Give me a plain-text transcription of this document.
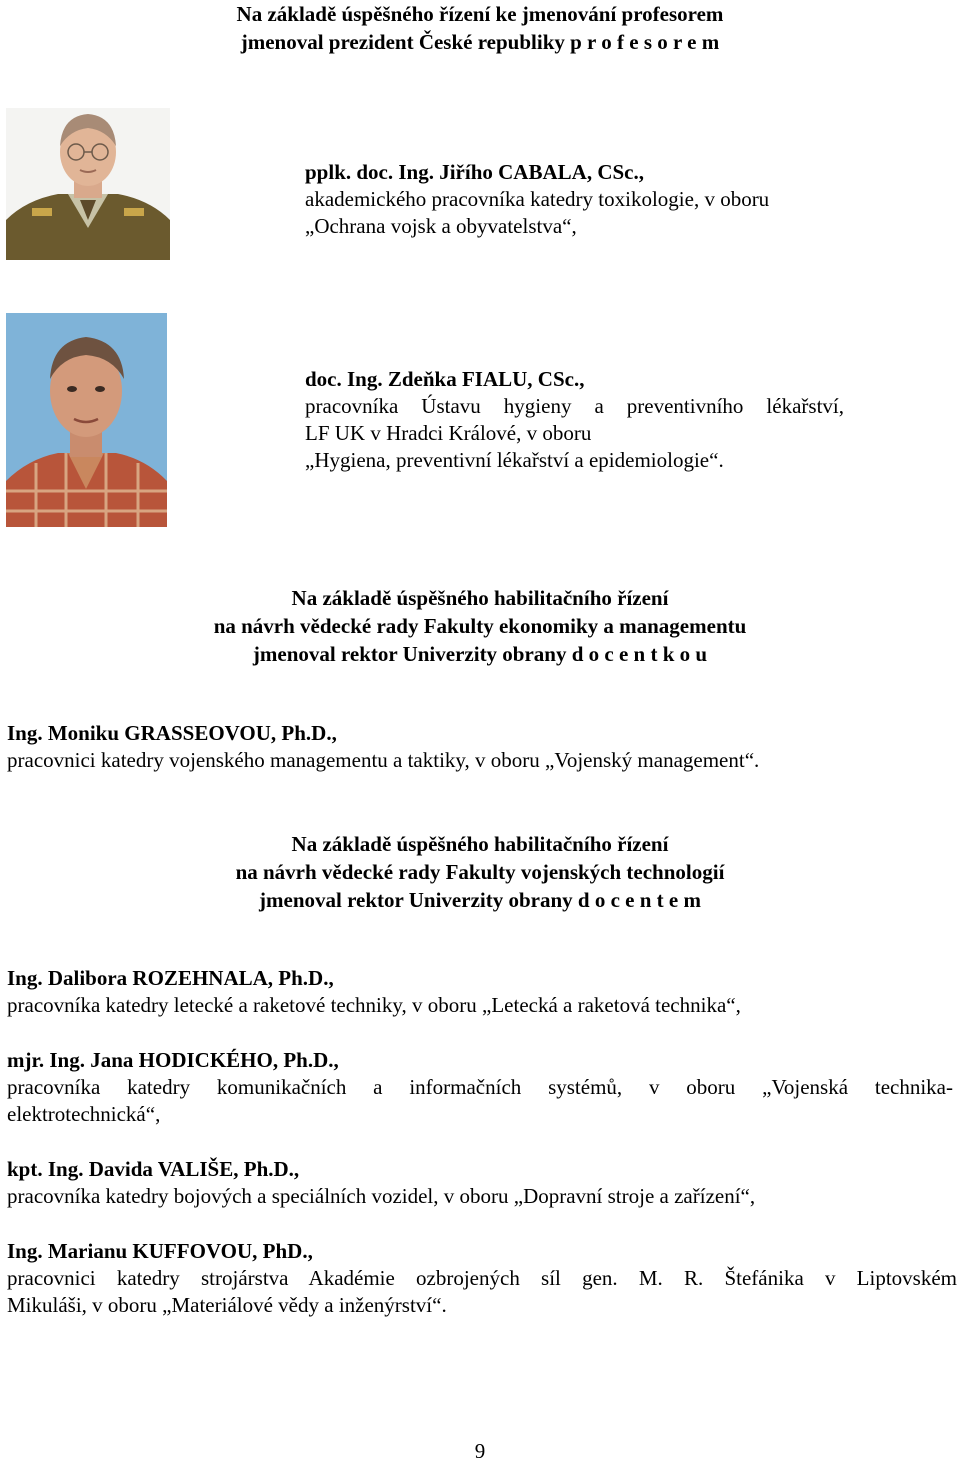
Na základě úspěšného řízení ke jmenování profesorem
jmenoval prezident České republiky p r o f e s o r e m
pplk. doc. Ing. Jiřího CABALA, CSc.,
akademického pracovníka katedry toxikologie, v oboru
„Ochrana vojsk a obyvatelstva“,
doc. Ing. Zdeňka FIALU, CSc.,
pracovníka Ústavu hygieny a preventivního lékařství,
LF UK v Hradci Králové, v oboru
„Hygiena, preventivní lékařství a epidemiologie“.
Na základě úspěšného habilitačního řízení
na návrh vědecké rady Fakulty ekonomiky a managementu
jmenoval rektor Univerzity obrany d o c e n t k o u
Ing. Moniku GRASSEOVOU, Ph.D.,
pracovnici katedry vojenského managementu a taktiky, v oboru „Vojenský management“.
Na základě úspěšného habilitačního řízení
na návrh vědecké rady Fakulty vojenských technologií
jmenoval rektor Univerzity obrany d o c e n t e m
Ing. Dalibora ROZEHNALA, Ph.D.,
pracovníka katedry letecké a raketové techniky, v oboru „Letecká a raketová technika“,
mjr. Ing. Jana HODICKÉHO, Ph.D.,
pracovníka katedry komunikačních a informačních systémů, v oboru „Vojenská technika-
elektrotechnická“,
kpt. Ing. Davida VALIŠE, Ph.D.,
pracovníka katedry bojových a speciálních vozidel, v oboru „Dopravní stroje a zařízení“,
Ing. Marianu KUFFOVOU, PhD.,
pracovnici katedry strojárstva Akadémie ozbrojených síl gen. M. R. Štefánika v Liptovském
Mikuláši, v oboru „Materiálové vědy a inženýrství“.
9
